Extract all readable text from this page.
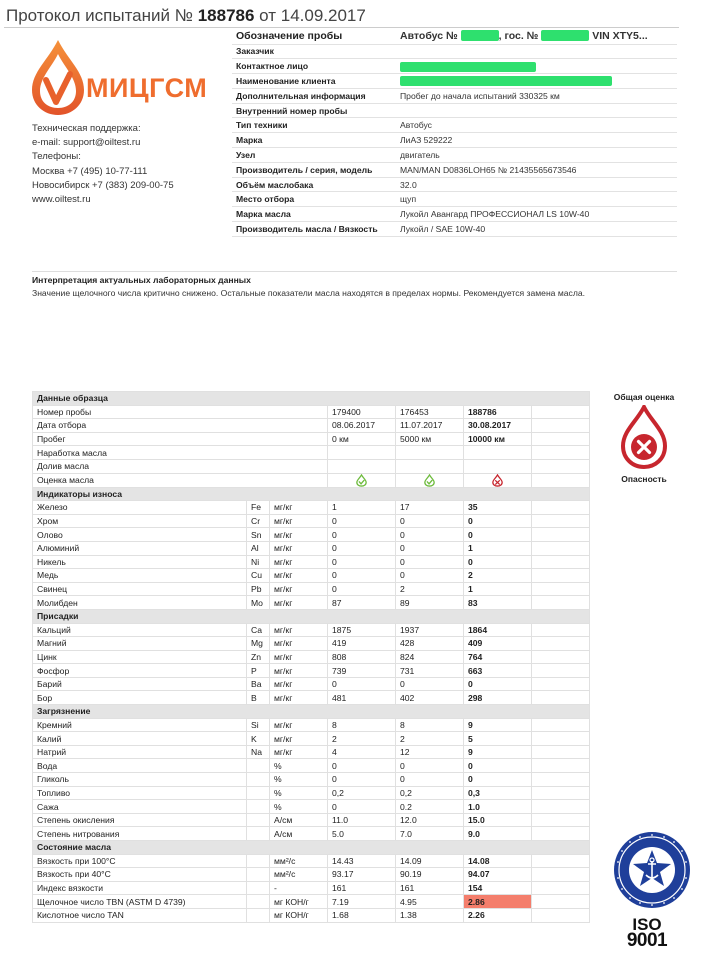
Протокол испытаний № 188786 от 14.09.2017
МИЦГСМ
Техническая поддержка:
e-mail: support@oiltest.ru
Телефоны:
Москва +7 (495) 10-77-111
Новосибирск +7 (383) 209-00-75
www.oiltest.ru
Обозначение пробы	Автобус № , гос. № VIN XTY5...
Заказчик	
Контактное лицо	
Наименование клиента	
Дополнительная информация	Пробег до начала испытаний 330325 км
Внутренний номер пробы	
Тип техники	Автобус
Марка	ЛиАЗ 529222
Узел	двигатель
Производитель / серия, модель	MAN/MAN D0836LOH65 № 21435565673546
Объём маслобака	32.0
Место отбора	щуп
Марка масла	Лукойл Авангард ПРОФЕССИОНАЛ LS 10W-40
Производитель масла / Вязкость	Лукойл / SAE 10W-40
Интерпретация актуальных лабораторных данных
Значение щелочного числа критично снижено. Остальные показатели масла находятся в пределах нормы. Рекомендуется замена масла.
Данные образца						
Номер пробы			179400	176453	188786	
Дата отбора			08.06.2017	11.07.2017	30.08.2017	
Пробег			0 км	5000 км	10000 км	
Наработка масла						
Долив масла						
Оценка масла	

Индикаторы износа						
Железо	Fe	мг/кг	1	17	35	
Хром	Cr	мг/кг	0	0	0	
Олово	Sn	мг/кг	0	0	0	
Алюминий	Al	мг/кг	0	0	1	
Никель	Ni	мг/кг	0	0	0	
Медь	Cu	мг/кг	0	0	2	
Свинец	Pb	мг/кг	0	2	1	
Молибден	Mo	мг/кг	87	89	83	
Присадки						
Кальций	Ca	мг/кг	1875	1937	1864	
Магний	Mg	мг/кг	419	428	409	
Цинк	Zn	мг/кг	808	824	764	
Фосфор	P	мг/кг	739	731	663	
Барий	Ba	мг/кг	0	0	0	
Бор	B	мг/кг	481	402	298	
Загрязнение						
Кремний	Si	мг/кг	8	8	9	
Калий	K	мг/кг	2	2	5	
Натрий	Na	мг/кг	4	12	9	
Вода		%	0	0	0	
Гликоль		%	0	0	0	
Топливо		%	0,2	0,2	0,3	
Сажа		%	0	0.2	1.0	
Степень окисления		А/см	11.0	12.0	15.0	
Степень нитрования		А/см	5.0	7.0	9.0	
Состояние масла						
Вязкость при 100°C		мм²/с	14.43	14.09	14.08	
Вязкость при 40°C		мм²/с	93.17	90.19	94.07	
Индекс вязкости		-	161	161	154	
Щелочное число TBN (ASTM D 4739)		мг КОН/г	7.19	4.95	2.86	
Кислотное число TAN		мг КОН/г	1.68	1.38	2.26	
Общая оценка
Опасность
ISO
9001
